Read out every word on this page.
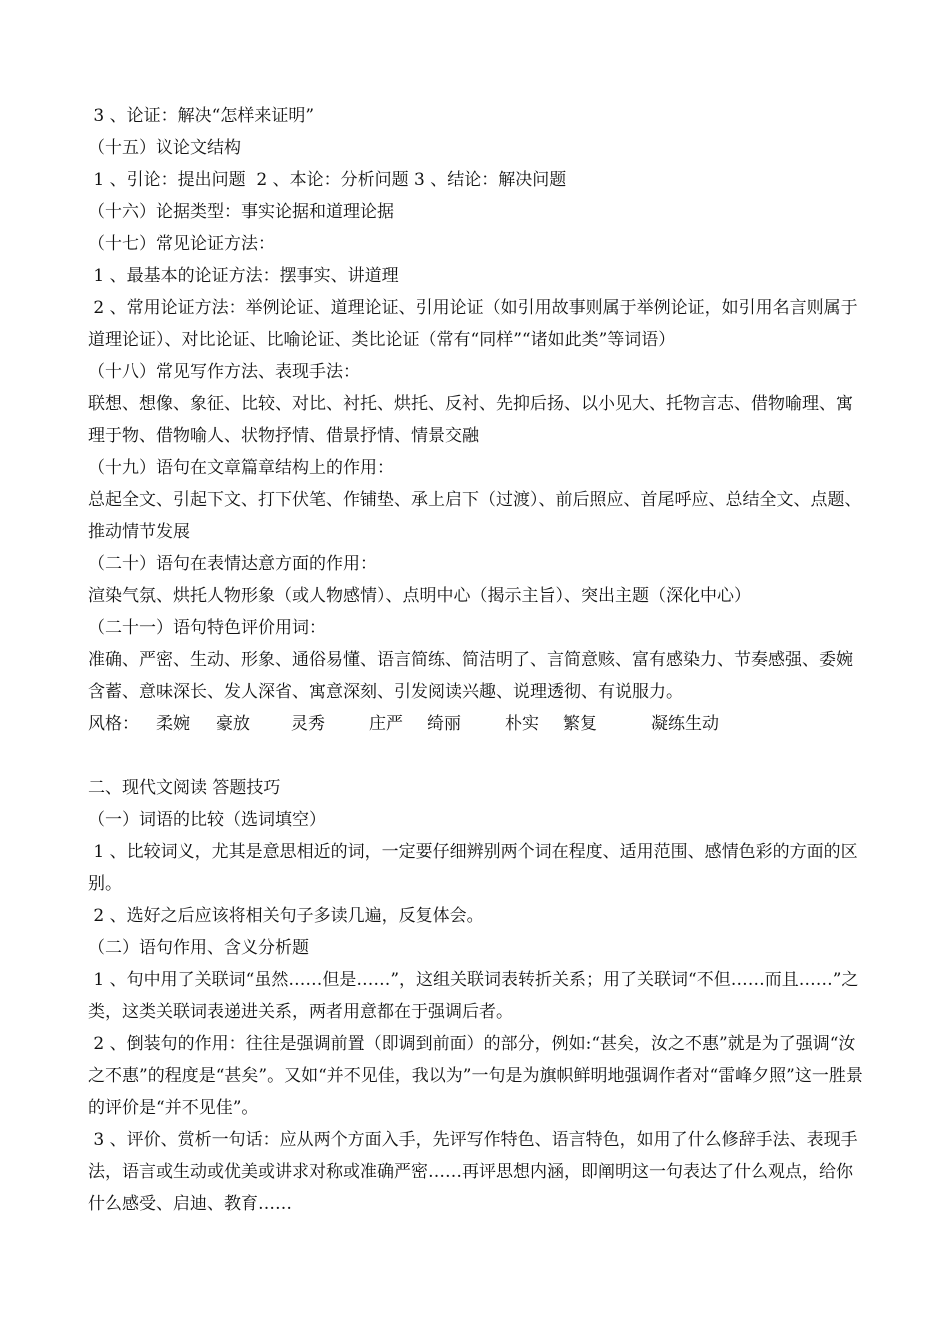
3 、论证：解决“怎样来证明”

（十五）议论文结构

1 、引论：提出问题  2 、本论：分析问题 3 、结论：解决问题

（十六）论据类型：事实论据和道理论据

（十七）常见论证方法：

1 、最基本的论证方法：摆事实、讲道理

2 、常用论证方法：举例论证、道理论证、引用论证（如引用故事则属于举例论证，如引用名言则属于道理论证）、对比论证、比喻论证、类比论证（常有“同样”“诸如此类”等词语）

（十八）常见写作方法、表现手法：

联想、想像、象征、比较、对比、衬托、烘托、反衬、先抑后扬、以小见大、托物言志、借物喻理、寓理于物、借物喻人、状物抒情、借景抒情、情景交融

（十九）语句在文章篇章结构上的作用：

总起全文、引起下文、打下伏笔、作铺垫、承上启下（过渡）、前后照应、首尾呼应、总结全文、点题、推动情节发展

（二十）语句在表情达意方面的作用：

渲染气氛、烘托人物形象（或人物感情）、点明中心（揭示主旨）、突出主题（深化中心）

（二十一）语句特色评价用词：

准确、严密、生动、形象、通俗易懂、语言简练、简洁明了、言简意赅、富有感染力、节奏感强、委婉含蓄、意味深长、发人深省、寓意深刻、引发阅读兴趣、说理透彻、有说服力。

风格：	柔婉	豪放	灵秀	庄严	绮丽	朴实	繁复	凝练生动

二、现代文阅读 答题技巧

（一）词语的比较（选词填空）

1 、比较词义，尤其是意思相近的词，一定要仔细辨别两个词在程度、适用范围、感情色彩的方面的区别。

2 、选好之后应该将相关句子多读几遍，反复体会。

（二）语句作用、含义分析题

1 、句中用了关联词“虽然……但是……”，这组关联词表转折关系；用了关联词“不但……而且……”之类，这类关联词表递进关系，两者用意都在于强调后者。

2 、倒装句的作用：往往是强调前置（即调到前面）的部分，例如:“甚矣，汝之不惠”就是为了强调“汝之不惠”的程度是“甚矣”。又如“并不见佳，我以为”一句是为旗帜鲜明地强调作者对“雷峰夕照”这一胜景的评价是“并不见佳”。

3 、评价、赏析一句话：应从两个方面入手，先评写作特色、语言特色，如用了什么修辞手法、表现手法，语言或生动或优美或讲求对称或准确严密……再评思想内涵，即阐明这一句表达了什么观点，给你什么感受、启迪、教育……
